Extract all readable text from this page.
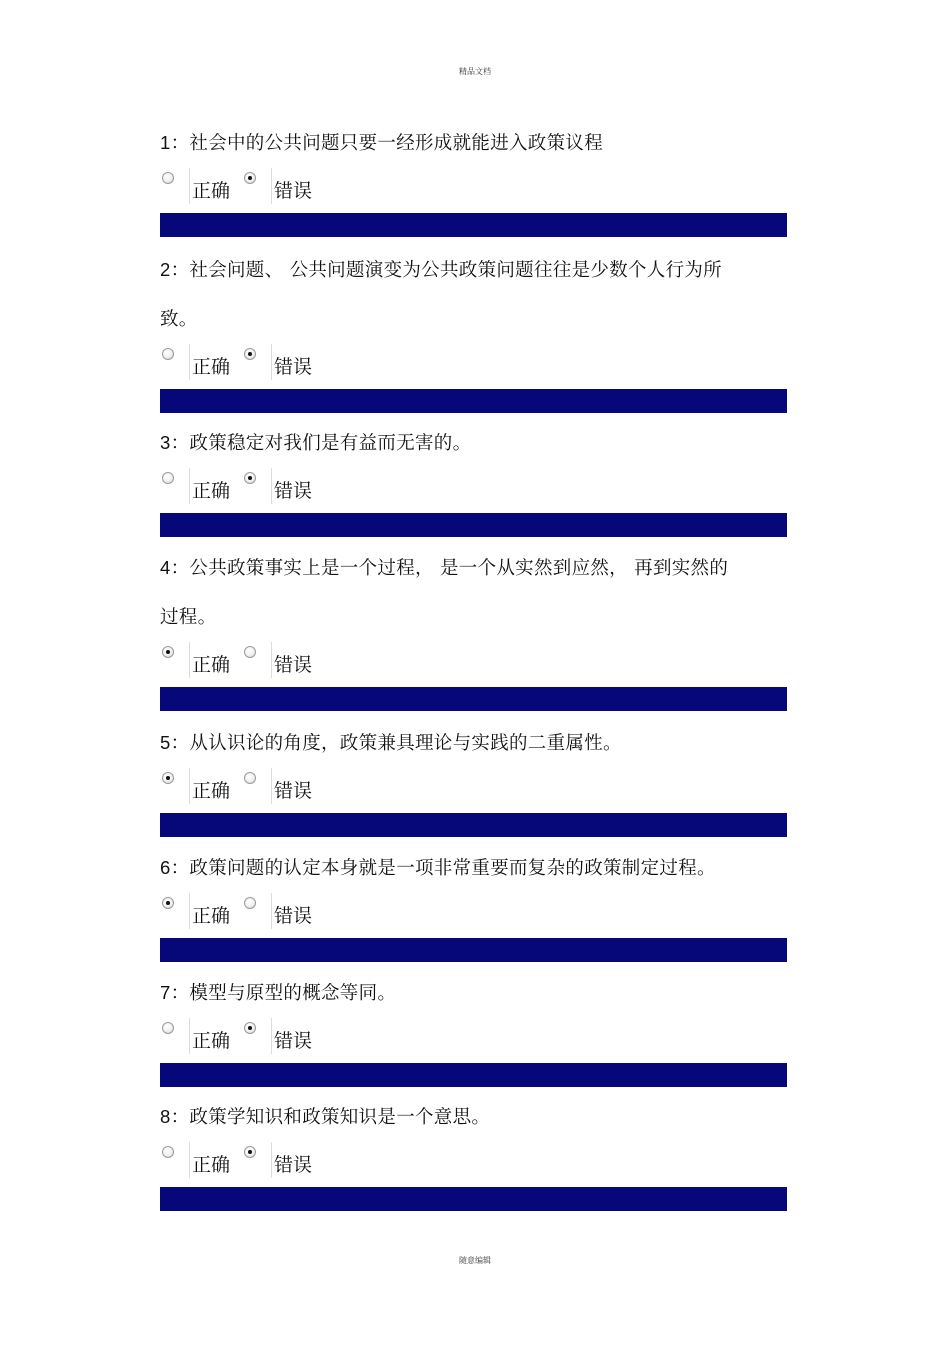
精品文档

1：社会中的公共问题只要一经形成就能进入政策议程

正确 错误

2：社会问题、 公共问题演变为公共政策问题往往是少数个人行为所
致。

正确 错误

3：政策稳定对我们是有益而无害的。

正确 错误

4：公共政策事实上是一个过程， 是一个从实然到应然， 再到实然的
过程。

正确 错误

5：从认识论的角度，政策兼具理论与实践的二重属性。

正确 错误

6：政策问题的认定本身就是一项非常重要而复杂的政策制定过程。

正确 错误

7：模型与原型的概念等同。

正确 错误

8：政策学知识和政策知识是一个意思。

正确 错误
随意编辑
